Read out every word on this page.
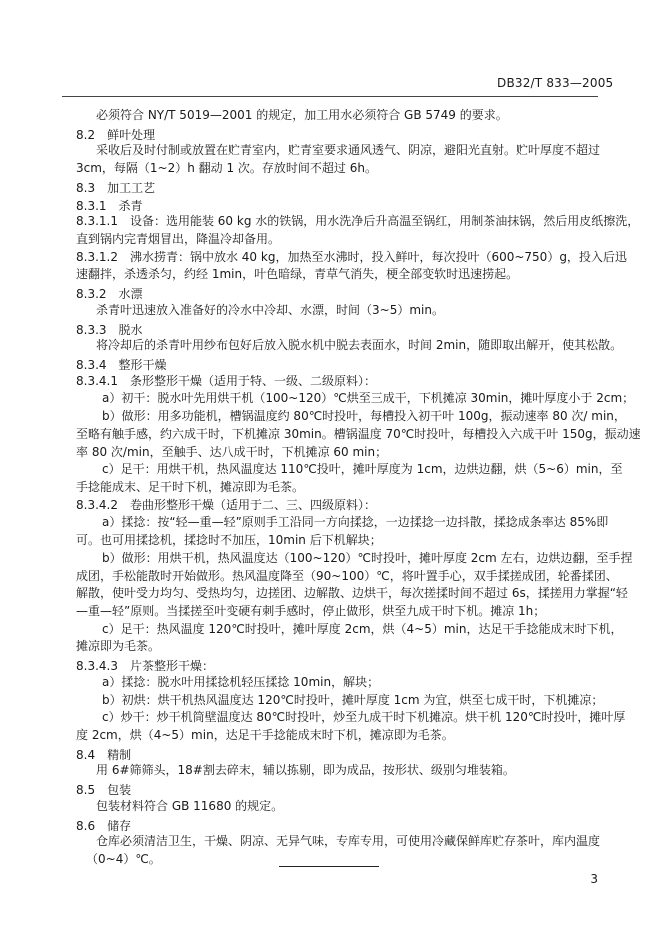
DB32/T 833—2005
必须符合 NY/T 5019—2001 的规定，加工用水必须符合 GB 5749 的要求。
8.2　鲜叶处理
采收后及时付制或放置在贮青室内，贮青室要求通风透气、阴凉，避阳光直射。贮叶厚度不超过
3cm，每隔（1~2）h 翻动 1 次。存放时间不超过 6h。
8.3　加工工艺
8.3.1　杀青
8.3.1.1　设备：选用能装 60 kg 水的铁锅，用水洗净后升高温至锅红，用制茶油抹锅，然后用皮纸擦洗，
直到锅内完青烟冒出，降温冷却备用。
8.3.1.2　沸水捞青：锅中放水 40 kg，加热至水沸时，投入鲜叶，每次投叶（600~750）g，投入后迅
速翻拌，杀透杀匀，约经 1min，叶色暗绿，青草气消失，梗全部变软时迅速捞起。
8.3.2　水漂
杀青叶迅速放入准备好的冷水中冷却、水漂，时间（3~5）min。
8.3.3　脱水
将冷却后的杀青叶用纱布包好后放入脱水机中脱去表面水，时间 2min，随即取出解开，使其松散。
8.3.4　整形干燥
8.3.4.1　条形整形干燥（适用于特、一级、二级原料）：
a）初干：脱水叶先用烘干机（100~120）℃烘至三成干，下机摊凉 30min，摊叶厚度小于 2cm；
b）做形：用多功能机，槽锅温度约 80℃时投叶，每槽投入初干叶 100g，振动速率 80 次/ min，
至略有触手感，约六成干时，下机摊凉 30min。槽锅温度 70℃时投叶，每槽投入六成干叶 150g，振动速
率 80 次/min，至触手、达八成干时，下机摊凉 60 min；
c）足干：用烘干机，热风温度达 110℃投叶，摊叶厚度为 1cm，边烘边翻，烘（5~6）min，至
手捻能成末、足干时下机，摊凉即为毛茶。
8.3.4.2　卷曲形整形干燥（适用于二、三、四级原料）：
a）揉捻：按“轻—重—轻”原则手工沿同一方向揉捻，一边揉捻一边抖散，揉捻成条率达 85%即
可。也可用揉捻机，揉捻时不加压，10min 后下机解块；
b）做形：用烘干机，热风温度达（100~120）℃时投叶，摊叶厚度 2cm 左右，边烘边翻，至手捏
成团，手松能散时开始做形。热风温度降至（90~100）℃，将叶置手心，双手揉搓成团，轮番揉团、
解散，使叶受力均匀、受热均匀，边搓团、边解散、边烘干，每次搓揉时间不超过 6s，揉搓用力掌握“轻
—重—轻”原则。当揉搓至叶变硬有刺手感时，停止做形，烘至九成干时下机。摊凉 1h；
c）足干：热风温度 120℃时投叶，摊叶厚度 2cm，烘（4~5）min，达足干手捻能成末时下机，
摊凉即为毛茶。
8.3.4.3　片茶整形干燥：
a）揉捻：脱水叶用揉捻机轻压揉捻 10min，解块；
b）初烘：烘干机热风温度达 120℃时投叶，摊叶厚度 1cm 为宜，烘至七成干时，下机摊凉；
c）炒干：炒干机筒壁温度达 80℃时投叶，炒至九成干时下机摊凉。烘干机 120℃时投叶，摊叶厚
度 2cm，烘（4~5）min，达足干手捻能成末时下机，摊凉即为毛茶。
8.4　精制
用 6#筛筛头，18#割去碎末，辅以拣剔，即为成品，按形状、级别匀堆装箱。
8.5　包装
包装材料符合 GB 11680 的规定。
8.6　储存
仓库必须清洁卫生，干燥、阴凉、无异气味，专库专用，可使用冷藏保鲜库贮存茶叶，库内温度
（0~4）℃。
3
